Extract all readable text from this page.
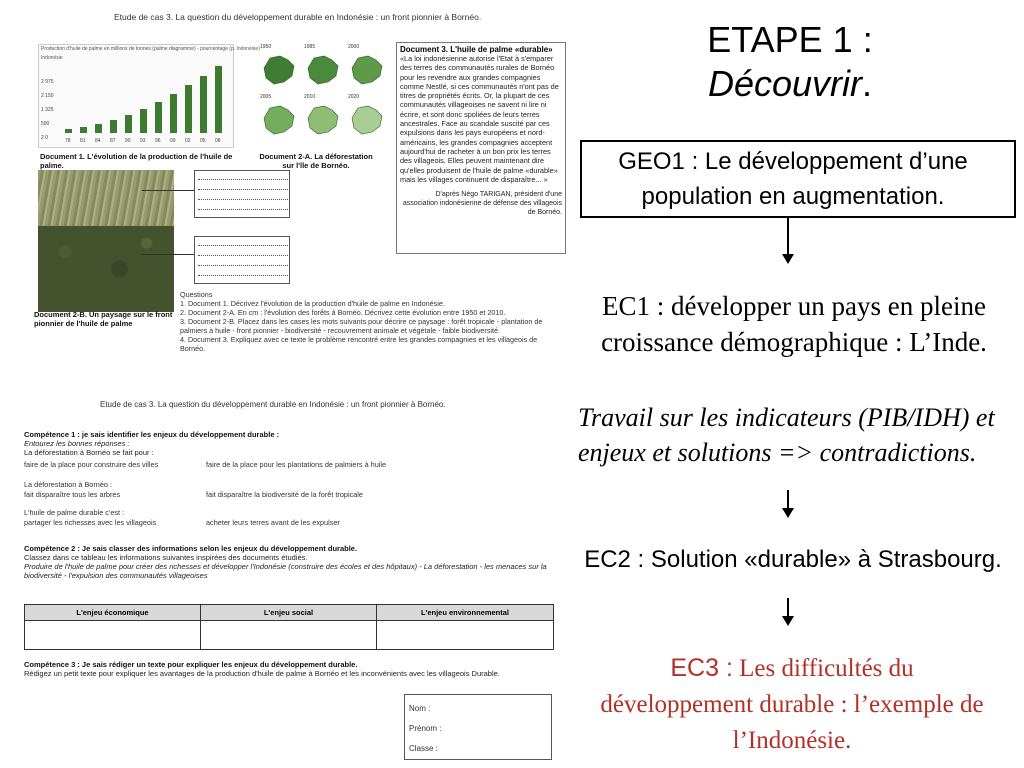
Etude de cas 3. La question du développement durable en Indonésie : un front pionnier à Bornéo.
Production d'huile de palme en millions de tonnes (palme diagramme) - pourcentage (p. Indonésie)
Indonésie
78 81 84 87 90 93 96 99 02 05 08
2 975
2 150
1 325
500
2 0
Document 1. L'évolution de la production de l'huile de palme.
1950	1985	2000
2005	2010	2020
Document 2-A. La déforestation sur l'île de Bornéo.
Document 3. L'huile de palme «durable»
«La loi indonésienne autorise l'Etat à s'emparer des terres des communautés rurales de Bornéo pour les revendre aux grandes compagnies comme Nestlé, si ces communautés n'ont pas de titres de propriétés écrits. Or, la plupart de ces communautés villageoises ne savent ni lire ni écrire, et sont donc spoliées de leurs terres ancestrales. Face au scandale suscité par ces expulsions dans les pays européens et nord-américains, les grandes compagnies acceptent aujourd'hui de racheter à un bon prix les terres des villageois. Elles peuvent maintenant dire qu'elles produisent de l'huile de palme «durable» mais les villages continuent de disparaître... »
D'après Négo TARIGAN, président d'une association indonésienne de défense des villageois de Bornéo.
Document 2-B. Un paysage sur le front pionnier de l'huile de palme
Questions
1. Document 1. Décrivez l'évolution de la production d'huile de palme en Indonésie.
2. Document 2-A. En cm : l'évolution des forêts à Bornéo. Décrivez cette évolution entre 1950 et 2010.
3. Document 2-B. Placez dans les cases les mots suivants pour décrire ce paysage : forêt tropicale - plantation de palmiers à huile - front pionnier - biodiversité - recouvrement animale et végétale - faible biodiversité.
4. Document 3. Expliquez avec ce texte le problème rencontré entre les grandes compagnies et les villageois de Bornéo.
Etude de cas 3. La question du développement durable en Indonésie : un front pionnier à Bornéo.
Compétence 1 : je sais identifier les enjeux du développement durable :
Entourez les bonnes réponses :
La déforestation à Bornéo se fait pour :
faire de la place pour construire des villes	faire de la place pour les plantations de palmiers à huile
La déforestation à Bornéo :
fait disparaître tous les arbres	fait disparaître la biodiversité de la forêt tropicale
L'huile de palme durable c'est :
partager les richesses avec les villageois	acheter leurs terres avant de les expulser
Compétence 2 : Je sais classer des informations selon les enjeux du développement durable.
Classez dans ce tableau les informations suivantes inspirées des documents étudiés.
Produire de l'huile de palme pour créer des richesses et développer l'Indonésie (construire des écoles et des hôpitaux) - La déforestation - les menaces sur la biodiversité - l'expulsion des communautés villageoises
L'enjeu économique	L'enjeu social	L'enjeu environnemental
Compétence 3 : Je sais rédiger un texte pour expliquer les enjeux du développement durable.
Rédigez un petit texte pour expliquer les avantages de la production d'huile de palme à Bornéo et les inconvénients avec les villageois Durable.
Nom :
Prénom :
Classe :
ETAPE 1 :
Découvrir.
GEO1 : Le développement d’une population en augmentation.
EC1 : développer un pays en pleine croissance démographique : L’Inde.
Travail sur les indicateurs (PIB/IDH) et enjeux et solutions => contradictions.
EC2 : Solution «durable» à Strasbourg.
EC3 : Les difficultés du développement durable : l’exemple de l’Indonésie.
